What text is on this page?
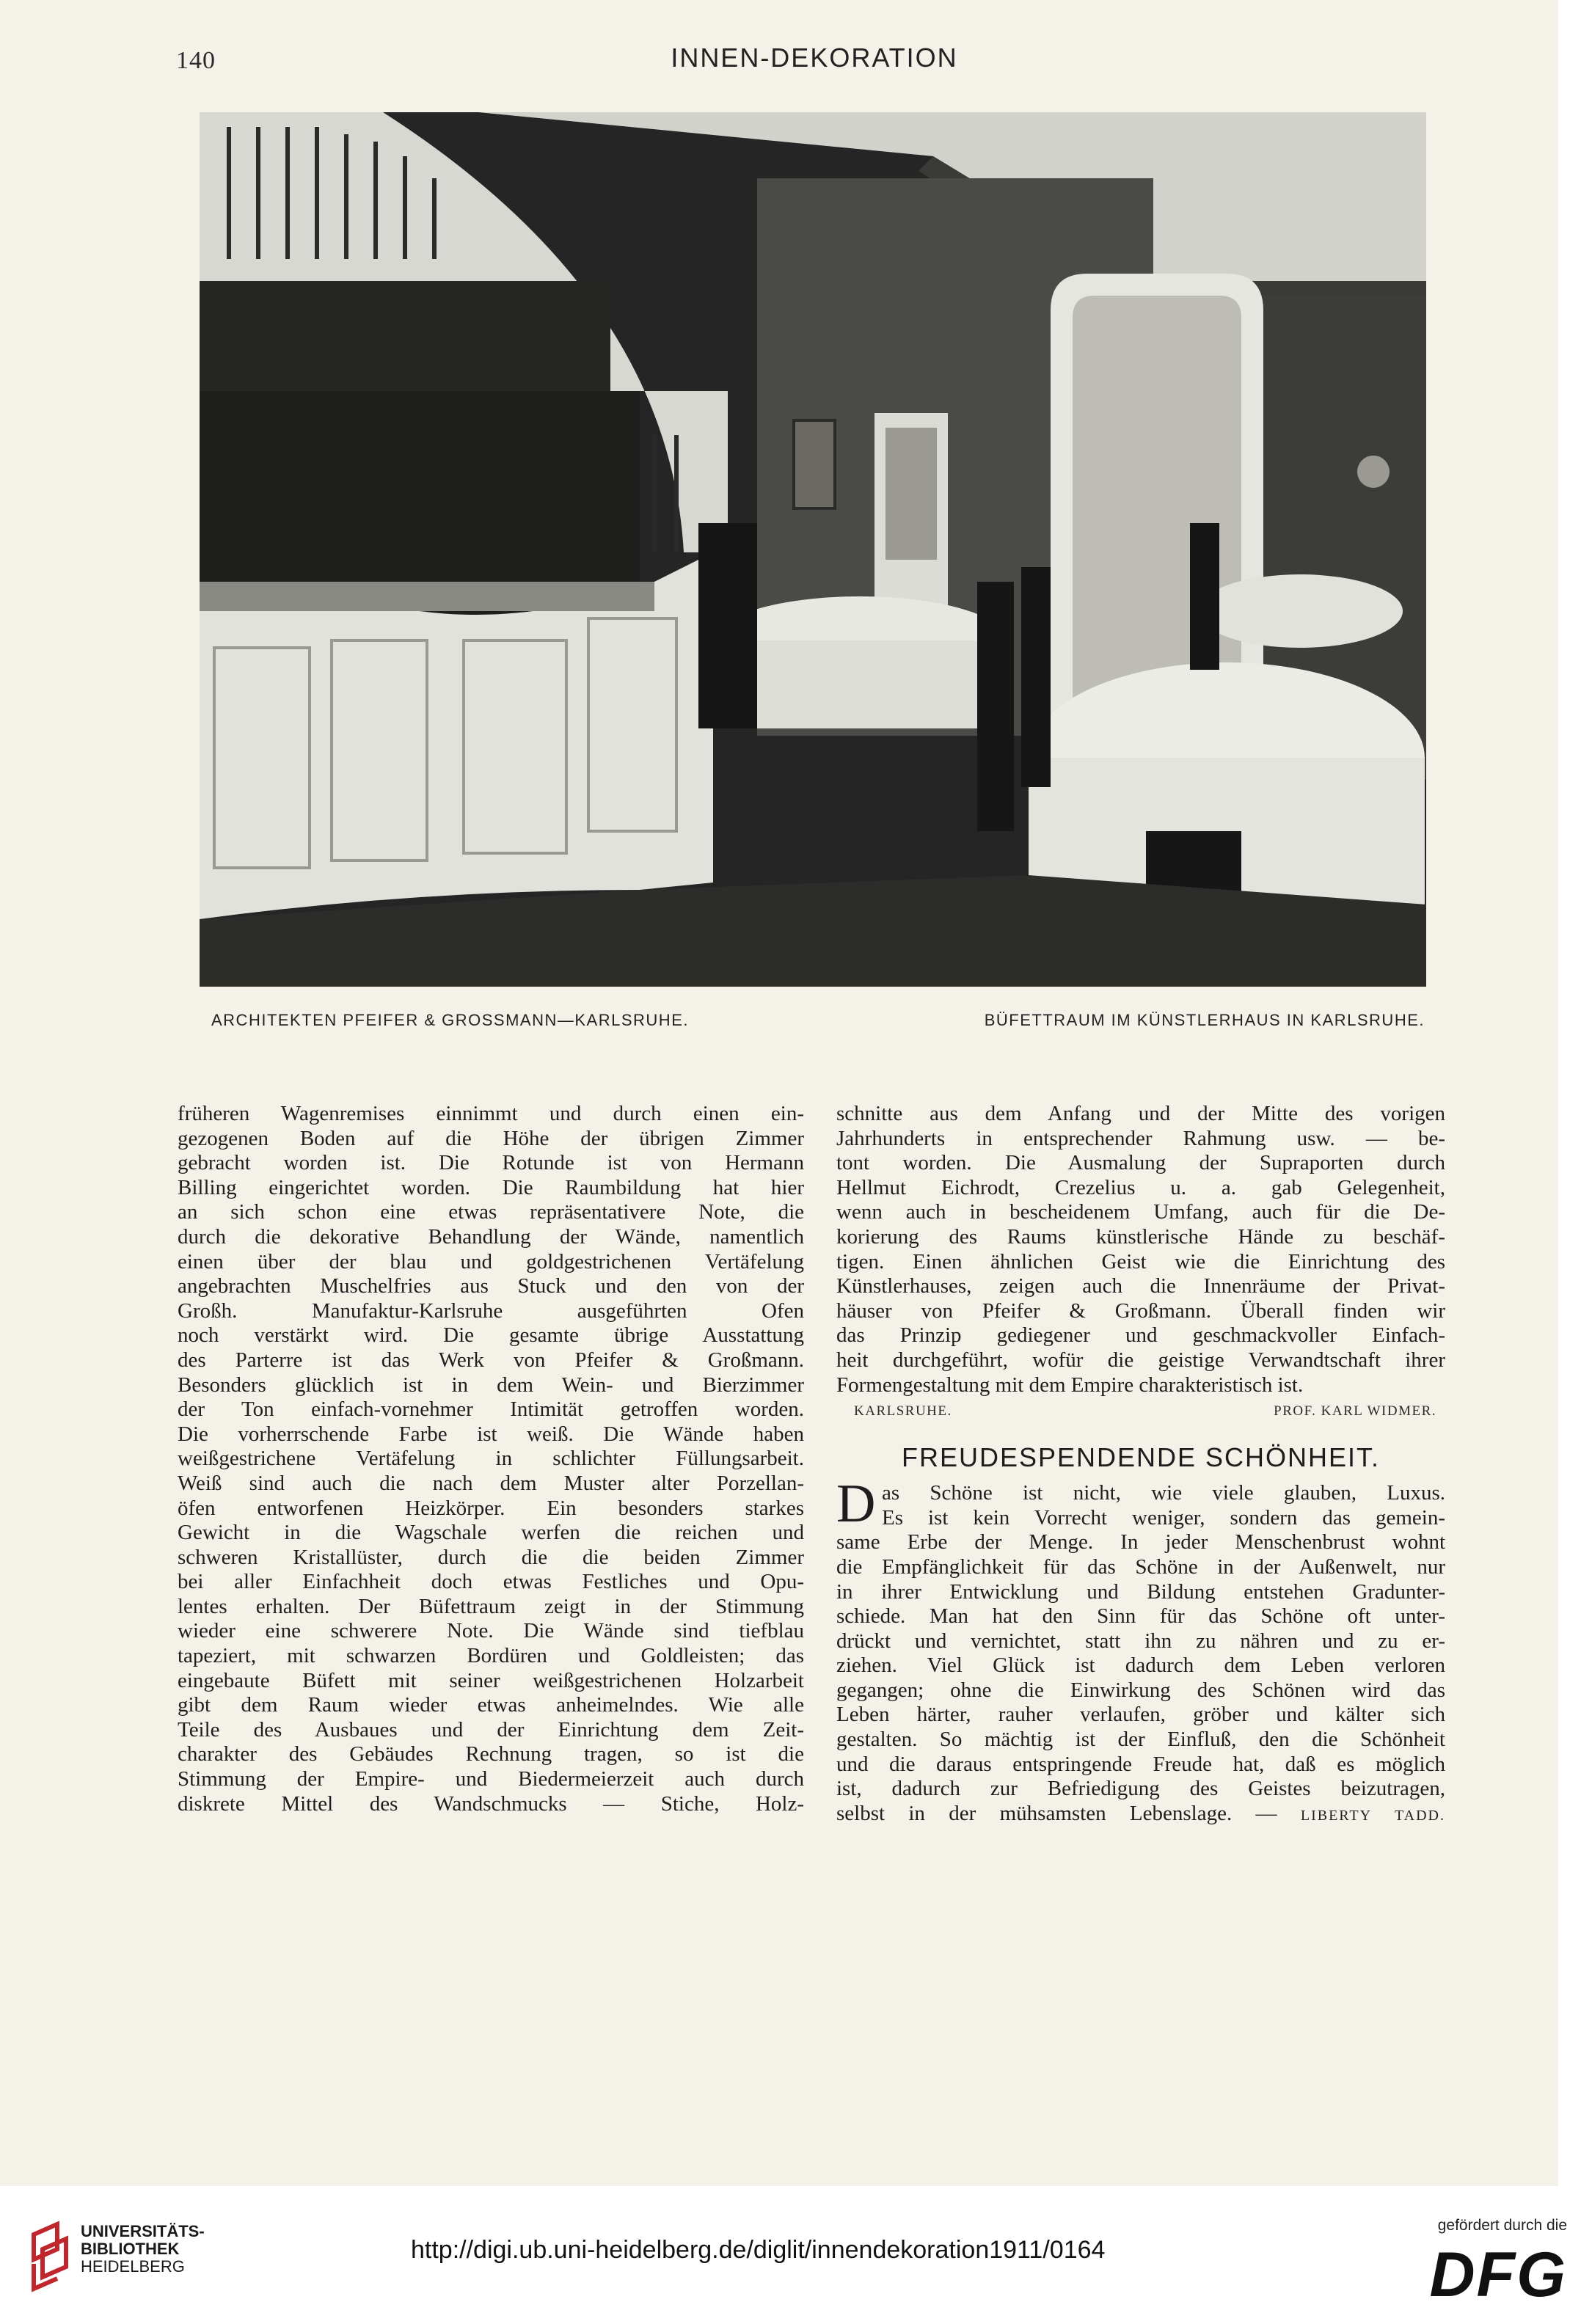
140	INNEN-DEKORATION
ARCHITEKTEN PFEIFER & GROSSMANN—KARLSRUHE.	BÜFETTRAUM IM KÜNSTLERHAUS IN KARLSRUHE.
früheren Wagenremises einnimmt und durch einen ein-
gezogenen Boden auf die Höhe der übrigen Zimmer
gebracht worden ist. Die Rotunde ist von Hermann
Billing eingerichtet worden. Die Raumbildung hat hier
an sich schon eine etwas repräsentativere Note, die
durch die dekorative Behandlung der Wände, namentlich
einen über der blau und goldgestrichenen Vertäfelung
angebrachten Muschelfries aus Stuck und den von der
Großh. Manufaktur-Karlsruhe ausgeführten Ofen
noch verstärkt wird. Die gesamte übrige Ausstattung
des Parterre ist das Werk von Pfeifer & Großmann.
Besonders glücklich ist in dem Wein- und Bierzimmer
der Ton einfach-vornehmer Intimität getroffen worden.
Die vorherrschende Farbe ist weiß. Die Wände haben
weißgestrichene Vertäfelung in schlichter Füllungsarbeit.
Weiß sind auch die nach dem Muster alter Porzellan-
öfen entworfenen Heizkörper. Ein besonders starkes
Gewicht in die Wagschale werfen die reichen und
schweren Kristallüster, durch die die beiden Zimmer
bei aller Einfachheit doch etwas Festliches und Opu-
lentes erhalten. Der Büfettraum zeigt in der Stimmung
wieder eine schwerere Note. Die Wände sind tiefblau
tapeziert, mit schwarzen Bordüren und Goldleisten; das
eingebaute Büfett mit seiner weißgestrichenen Holzarbeit
gibt dem Raum wieder etwas anheimelndes. Wie alle
Teile des Ausbaues und der Einrichtung dem Zeit-
charakter des Gebäudes Rechnung tragen, so ist die
Stimmung der Empire- und Biedermeierzeit auch durch
diskrete Mittel des Wandschmucks — Stiche, Holz-
schnitte aus dem Anfang und der Mitte des vorigen
Jahrhunderts in entsprechender Rahmung usw. — be-
tont worden. Die Ausmalung der Supraporten durch
Hellmut Eichrodt, Crezelius u. a. gab Gelegenheit,
wenn auch in bescheidenem Umfang, auch für die De-
korierung des Raums künstlerische Hände zu beschäf-
tigen. Einen ähnlichen Geist wie die Einrichtung des
Künstlerhauses, zeigen auch die Innenräume der Privat-
häuser von Pfeifer & Großmann. Überall finden wir
das Prinzip gediegener und geschmackvoller Einfach-
heit durchgeführt, wofür die geistige Verwandtschaft ihrer
Formengestaltung mit dem Empire charakteristisch ist.
KARLSRUHE.	PROF. KARL WIDMER.
FREUDESPENDENDE SCHÖNHEIT.
D as Schöne ist nicht, wie viele glauben, Luxus.
Es ist kein Vorrecht weniger, sondern das gemein-
same Erbe der Menge. In jeder Menschenbrust wohnt
die Empfänglichkeit für das Schöne in der Außenwelt, nur
in ihrer Entwicklung und Bildung entstehen Gradunter-
schiede. Man hat den Sinn für das Schöne oft unter-
drückt und vernichtet, statt ihn zu nähren und zu er-
ziehen. Viel Glück ist dadurch dem Leben verloren
gegangen; ohne die Einwirkung des Schönen wird das
Leben härter, rauher verlaufen, gröber und kälter sich
gestalten. So mächtig ist der Einfluß, den die Schönheit
und die daraus entspringende Freude hat, daß es möglich
ist, dadurch zur Befriedigung des Geistes beizutragen,
selbst in der mühsamsten Lebenslage. — LIBERTY TADD.
UNIVERSITÄTS-
BIBLIOTHEK
HEIDELBERG
http://digi.ub.uni-heidelberg.de/diglit/innendekoration1911/0164
gefördert durch die
DFG
